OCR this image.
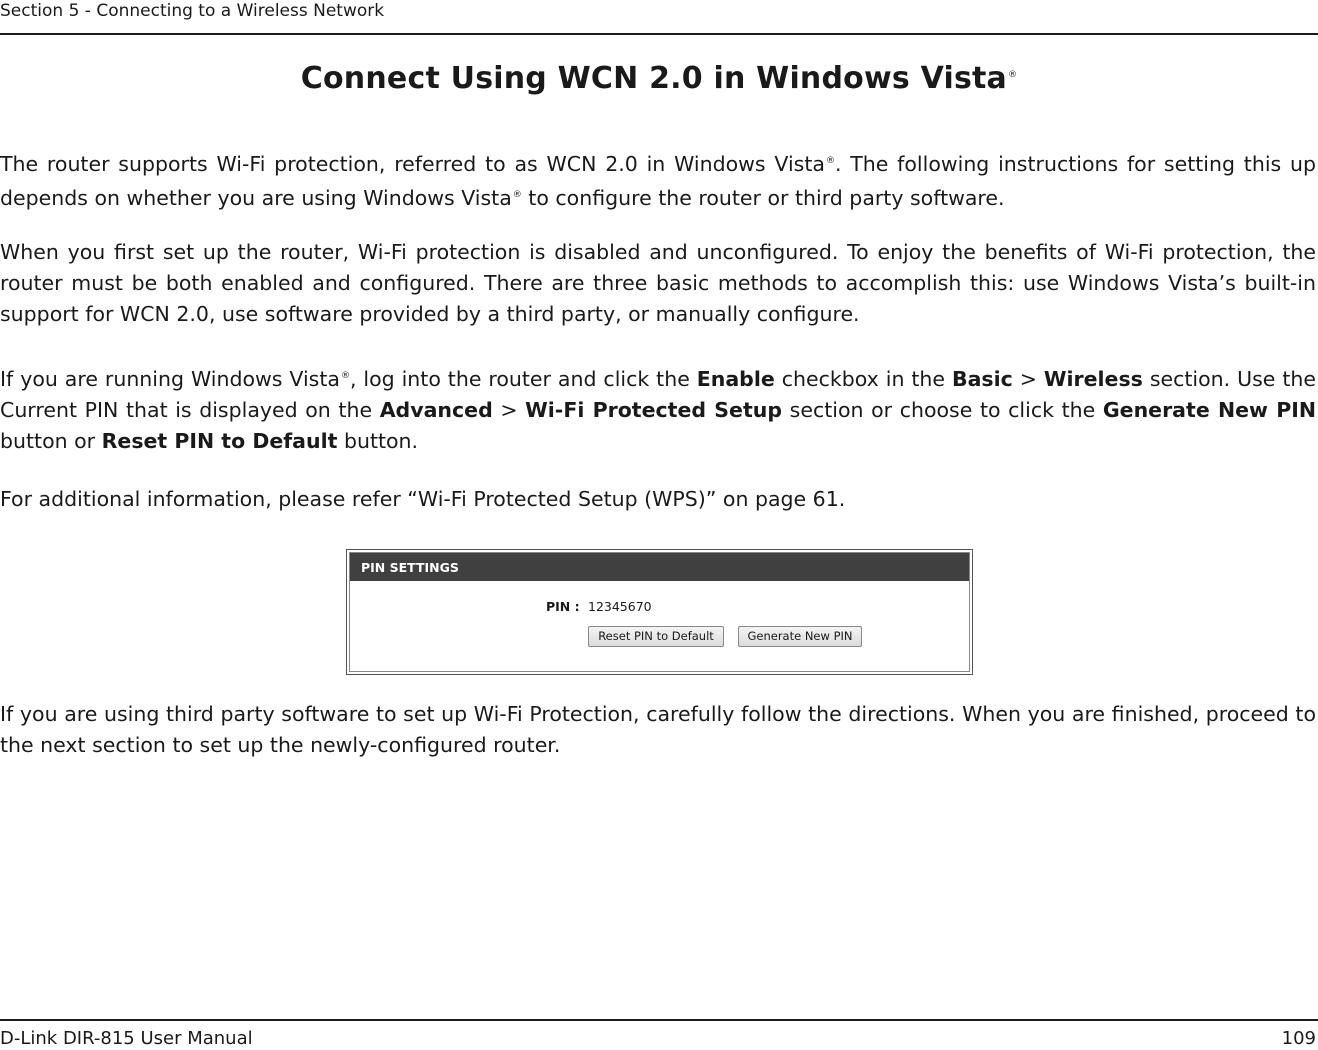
Section 5 - Connecting to a Wireless Network
Connect Using WCN 2.0 in Windows Vista®

The router supports Wi-Fi protection, referred to as WCN 2.0 in Windows Vista®. The following instructions for setting this up depends on whether you are using Windows Vista® to configure the router or third party software.

When you first set up the router, Wi-Fi protection is disabled and unconfigured. To enjoy the benefits of Wi-Fi protection, the router must be both enabled and configured. There are three basic methods to accomplish this: use Windows Vista’s built-in support for WCN 2.0, use software provided by a third party, or manually configure.

If you are running Windows Vista®, log into the router and click the Enable checkbox in the Basic > Wireless section. Use the Current PIN that is displayed on the Advanced > Wi-Fi Protected Setup section or choose to click the Generate New PIN button or Reset PIN to Default button.

For additional information, please refer “Wi-Fi Protected Setup (WPS)” on page 61.

PIN SETTINGS
PIN : 12345670
Reset PIN to Default	Generate New PIN

If you are using third party software to set up Wi-Fi Protection, carefully follow the directions. When you are finished, proceed to the next section to set up the newly-configured router.

D-Link DIR-815 User Manual	109
